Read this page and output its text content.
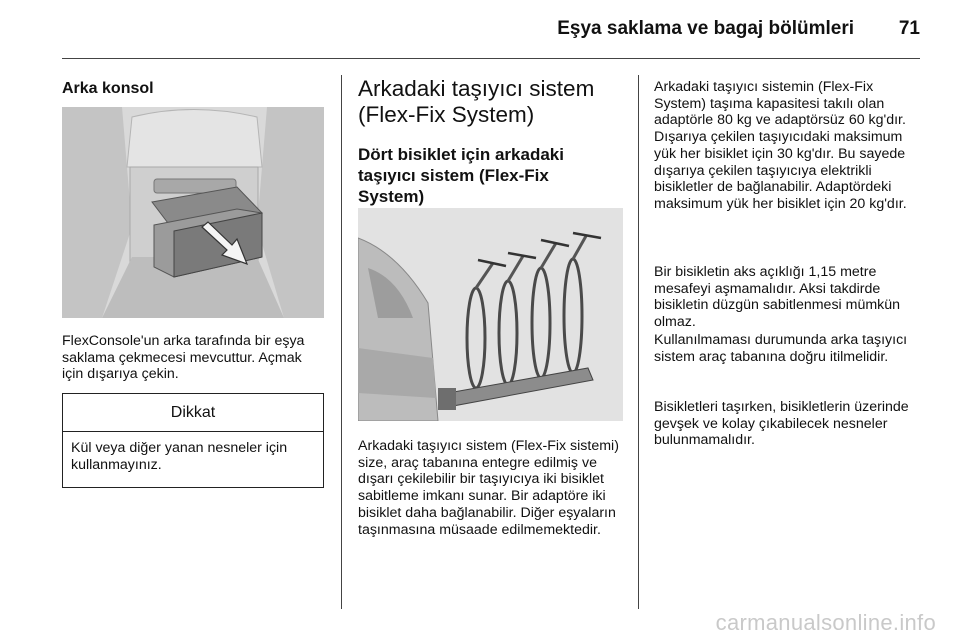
Eşya saklama ve bagaj bölümleri 71
Arka konsol
FlexConsole'un arka tarafında bir eşya saklama çekmecesi mevcuttur. Açmak için dışarıya çekin.
Dikkat
Kül veya diğer yanan nesneler için kullanmayınız.
Arkadaki taşıyıcı sistem (Flex-Fix System)
Dört bisiklet için arkadaki taşıyıcı sistem (Flex-Fix System)
Arkadaki taşıyıcı sistem (Flex-Fix sistemi) size, araç tabanına entegre edilmiş ve dışarı çekilebilir bir taşıyıcıya iki bisiklet sabitleme imkanı sunar. Bir adaptöre iki bisiklet daha bağlanabilir. Diğer eşyaların taşınmasına müsaade edilmemektedir.
Arkadaki taşıyıcı sistemin (Flex-Fix System) taşıma kapasitesi takılı olan adaptörle 80 kg ve adaptörsüz 60 kg'dır. Dışarıya çekilen taşıyıcıdaki maksimum yük her bisiklet için 30 kg'dır. Bu sayede dışarıya çekilen taşıyıcıya elektrikli bisikletler de bağlanabilir. Adaptördeki maksimum yük her bisiklet için 20 kg'dır.
Bir bisikletin aks açıklığı 1,15 metre mesafeyi aşmamalıdır. Aksi takdirde bisikletin düzgün sabitlenmesi mümkün olmaz.
Kullanılmaması durumunda arka taşıyıcı sistem araç tabanına doğru itilmelidir.
Bisikletleri taşırken, bisikletlerin üzerinde gevşek ve kolay çıkabilecek nesneler bulunmamalıdır.
carmanualsonline.info
